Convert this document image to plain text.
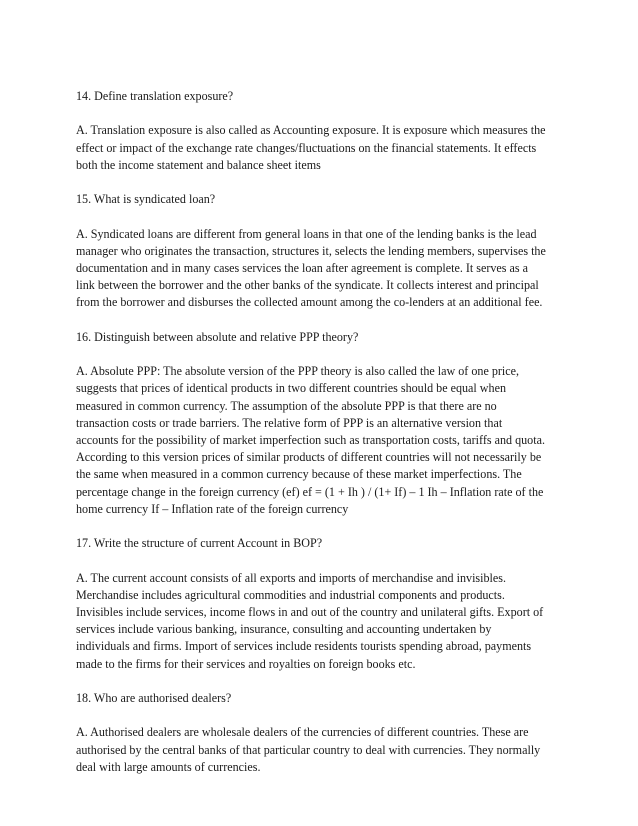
14. Define translation exposure?

A. Translation exposure is also called as Accounting exposure. It is exposure which measures the
effect or impact of the exchange rate changes/fluctuations on the financial statements. It effects
both the income statement and balance sheet items

15. What is syndicated loan?

A. Syndicated loans are different from general loans in that one of the lending banks is the lead
manager who originates the transaction, structures it, selects the lending members, supervises the
documentation and in many cases services the loan after agreement is complete. It serves as a
link between the borrower and the other banks of the syndicate. It collects interest and principal
from the borrower and disburses the collected amount among the co-lenders at an additional fee.

16. Distinguish between absolute and relative PPP theory?

A. Absolute PPP: The absolute version of the PPP theory is also called the law of one price,
suggests that prices of identical products in two different countries should be equal when
measured in common currency. The assumption of the absolute PPP is that there are no
transaction costs or trade barriers. The relative form of PPP is an alternative version that
accounts for the possibility of market imperfection such as transportation costs, tariffs and quota.
According to this version prices of similar products of different countries will not necessarily be
the same when measured in a common currency because of these market imperfections. The
percentage change in the foreign currency (ef) ef = (1 + Ih ) / (1+ If) – 1 Ih – Inflation rate of the
home currency If – Inflation rate of the foreign currency

17. Write the structure of current Account in BOP?

A. The current account consists of all exports and imports of merchandise and invisibles.
Merchandise includes agricultural commodities and industrial components and products.
Invisibles include services, income flows in and out of the country and unilateral gifts. Export of
services include various banking, insurance, consulting and accounting undertaken by
individuals and firms. Import of services include residents tourists spending abroad, payments
made to the firms for their services and royalties on foreign books etc.

18. Who are authorised dealers?

A. Authorised dealers are wholesale dealers of the currencies of different countries. These are
authorised by the central banks of that particular country to deal with currencies. They normally
deal with large amounts of currencies.
